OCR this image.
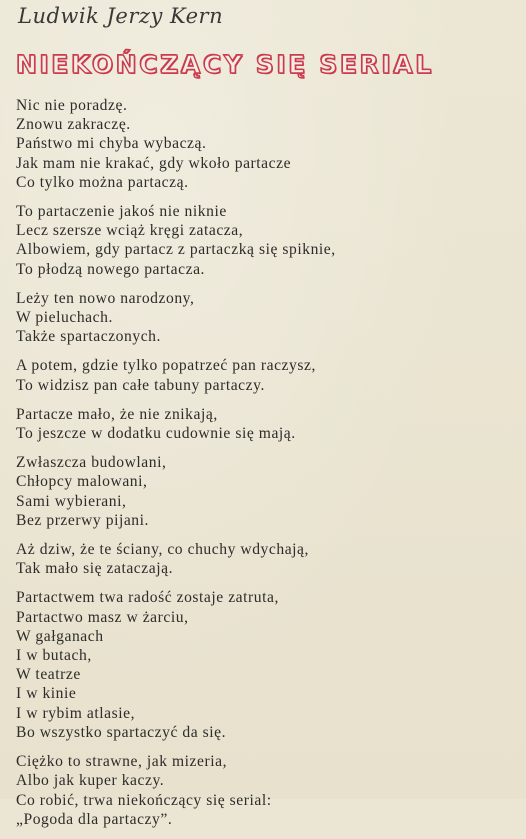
Ludwik Jerzy Kern
NIEKOŃCZĄCY SIĘ SERIAL
Nic nie poradzę.
Znowu zakraczę.
Państwo mi chyba wybaczą.
Jak mam nie krakać, gdy wkoło partacze
Co tylko można partaczą.
To partaczenie jakoś nie niknie
Lecz szersze wciąż kręgi zatacza,
Albowiem, gdy partacz z partaczką się spiknie,
To płodzą nowego partacza.
Leży ten nowo narodzony,
W pieluchach.
Także spartaczonych.
A potem, gdzie tylko popatrzeć pan raczysz,
To widzisz pan całe tabuny partaczy.
Partacze mało, że nie znikają,
To jeszcze w dodatku cudownie się mają.
Zwłaszcza budowlani,
Chłopcy malowani,
Sami wybierani,
Bez przerwy pijani.
Aż dziw, że te ściany, co chuchy wdychają,
Tak mało się zataczają.
Partactwem twa radość zostaje zatruta,
Partactwo masz w żarciu,
W gałganach
I w butach,
W teatrze
I w kinie
I w rybim atlasie,
Bo wszystko spartaczyć da się.
Ciężko to strawne, jak mizeria,
Albo jak kuper kaczy.
Co robić, trwa niekończący się serial:
„Pogoda dla partaczy”.
